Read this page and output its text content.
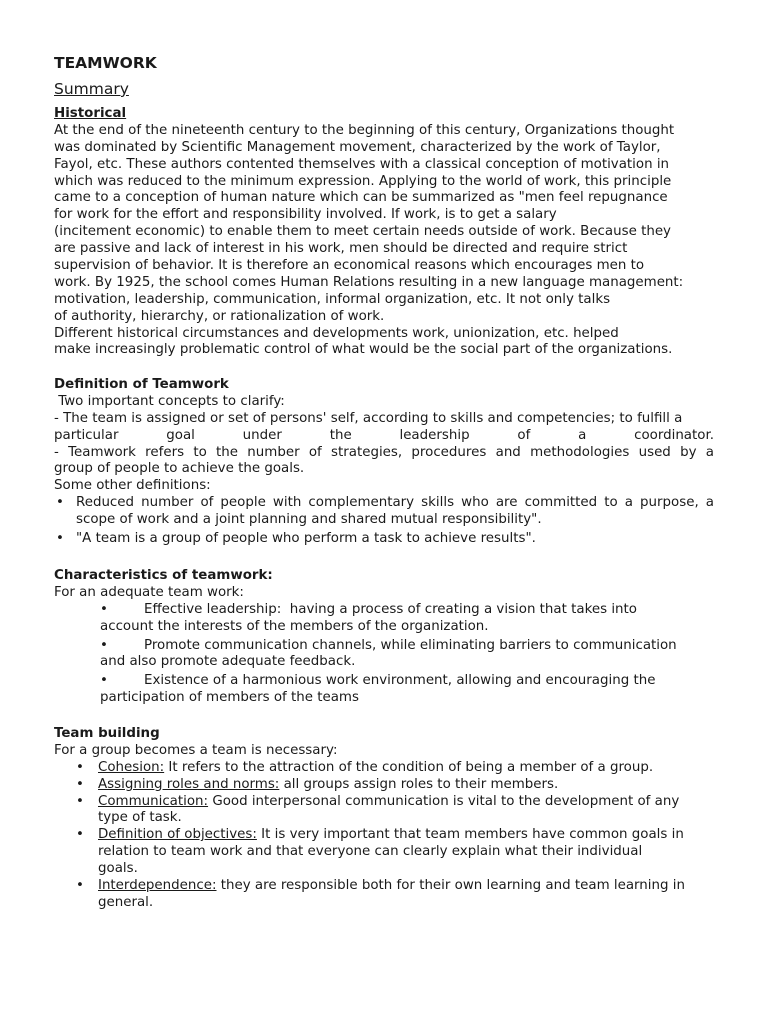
TEAMWORK
Summary
Historical
At the end of the nineteenth century to the beginning of this century, Organizations thought
was dominated by Scientific Management movement, characterized by the work of Taylor,
Fayol, etc. These authors contented themselves with a classical conception of motivation in
which was reduced to the minimum expression. Applying to the world of work, this principle
came to a conception of human nature which can be summarized as "men feel repugnance
for work for the effort and responsibility involved. If work, is to get a salary
(incitement economic) to enable them to meet certain needs outside of work. Because they
are passive and lack of interest in his work, men should be directed and require strict
supervision of behavior. It is therefore an economical reasons which encourages men to
work. By 1925, the school comes Human Relations resulting in a new language management:
motivation, leadership, communication, informal organization, etc. It not only talks
of authority, hierarchy, or rationalization of work.
Different historical circumstances and developments work, unionization, etc. helped
make increasingly problematic control of what would be the social part of the organizations.
Definition of Teamwork
Two important concepts to clarify:
- The team is assigned or set of persons' self, according to skills and competencies; to fulfill a
particular goal under the leadership of a coordinator.
- Teamwork refers to the number of strategies, procedures and methodologies used by a
group of people to achieve the goals.
Some other definitions:
• Reduced number of people with complementary skills who are committed to a purpose, a
scope of work and a joint planning and shared mutual responsibility".
• "A team is a group of people who perform a task to achieve results".
Characteristics of teamwork:
For an adequate team work:
•	Effective leadership:  having a process of creating a vision that takes into
account the interests of the members of the organization.
•	Promote communication channels, while eliminating barriers to communication
and also promote adequate feedback.
•	Existence of a harmonious work environment, allowing and encouraging the
participation of members of the teams
Team building
For a group becomes a team is necessary:
• Cohesion: It refers to the attraction of the condition of being a member of a group.
• Assigning roles and norms: all groups assign roles to their members.
• Communication: Good interpersonal communication is vital to the development of any
type of task.
• Definition of objectives: It is very important that team members have common goals in
relation to team work and that everyone can clearly explain what their individual
goals.
• Interdependence: they are responsible both for their own learning and team learning in
general.
